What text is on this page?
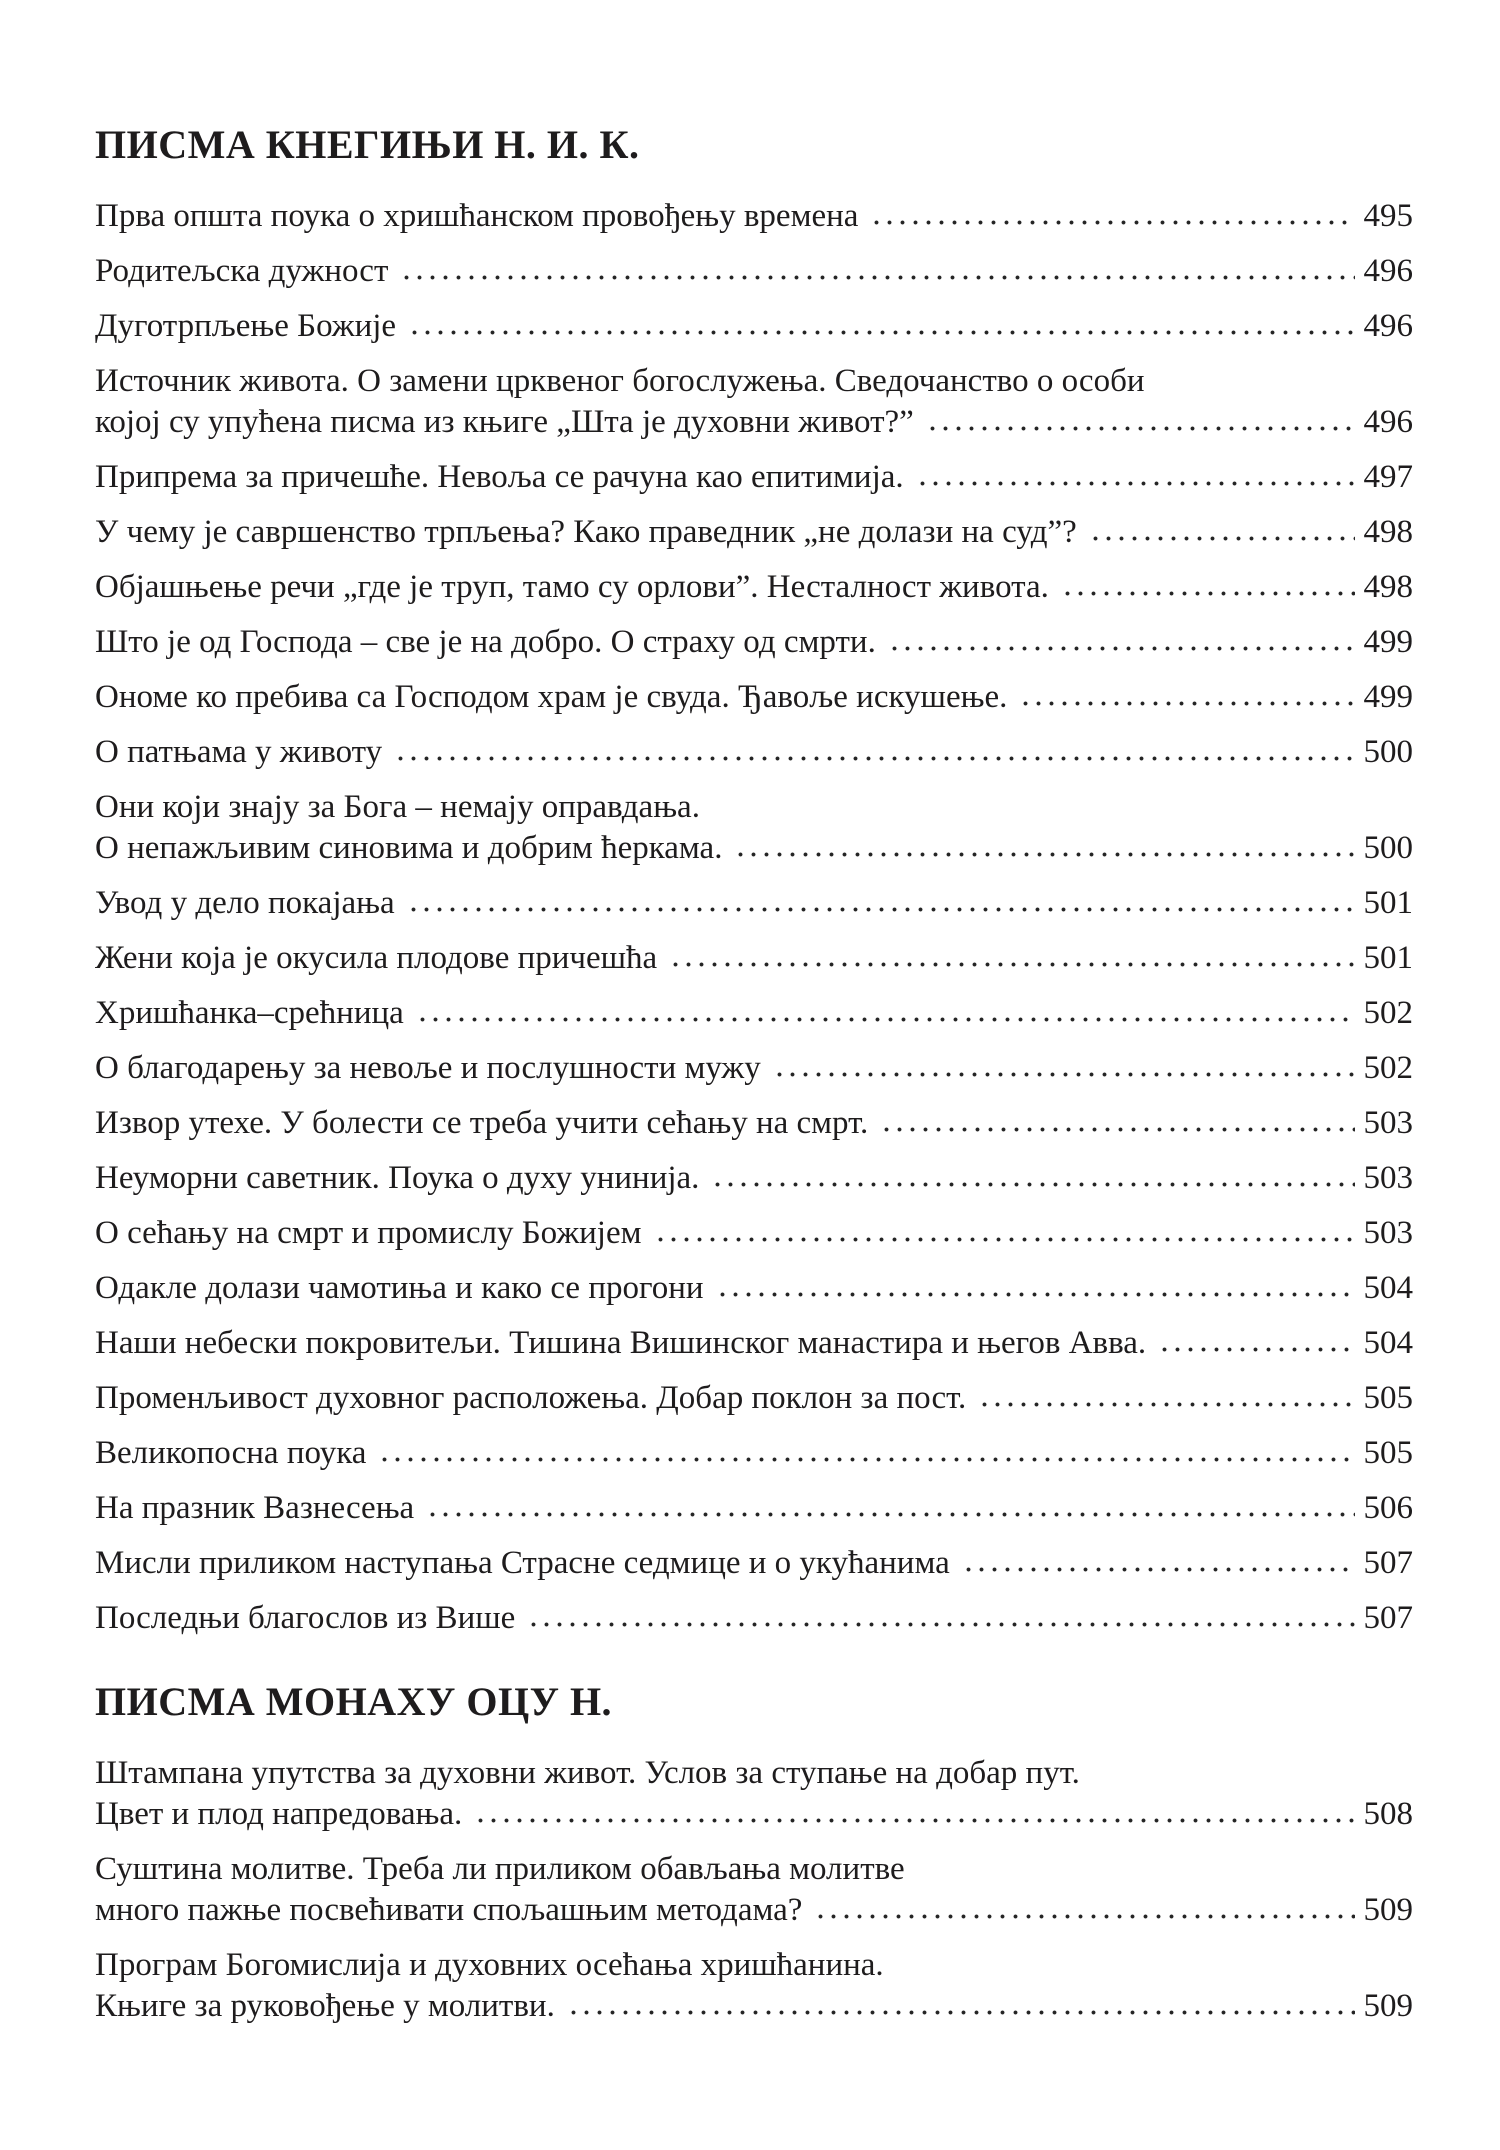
ПИСМА КНЕГИЊИ Н. И. К.
Прва општа поука о хришћанском провођењу времена	495
Родитељска дужност	496
Дуготрпљење Божије	496
Источник живота. О замени црквеног богослужења. Сведочанство о особи
којој су упућена писма из књиге „Шта је духовни живот?”	496
Припрема за причешће. Невоља се рачуна као епитимија.	497
У чему је савршенство трпљења? Како праведник „не долази на суд”?	498
Објашњење речи „где је труп, тамо су орлови”. Несталност живота.	498
Што је од Господа – све је на добро. О страху од смрти.	499
Ономе ко пребива са Господом храм је свуда. Ђавоље искушење.	499
О патњама у животу	500
Они који знају за Бога – немају оправдања.
О непажљивим синовима и добрим ћеркама.	500
Увод у дело покајања	501
Жени која је окусила плодове причешћа	501
Хришћанка–срећница	502
О благодарењу за невоље и послушности мужу	502
Извор утехе. У болести се треба учити сећању на смрт.	503
Неуморни саветник. Поука о духу унинија.	503
О сећању на смрт и промислу Божијем	503
Одакле долази чамотиња и како се прогони	504
Наши небески покровитељи. Тишина Вишинског манастира и његов Авва.	504
Променљивост духовног расположења. Добар поклон за пост.	505
Великопосна поука	505
На празник Вазнесења	506
Мисли приликом наступања Страсне седмице и о укућанима	507
Последњи благослов из Више	507
ПИСМА МОНАХУ ОЦУ Н.
Штампана упутства за духовни живот. Услов за ступање на добар пут.
Цвет и плод напредовања.	508
Суштина молитве. Треба ли приликом обављања молитве
много пажње посвећивати спољашњим методама?	509
Програм Богомислија и духовних осећања хришћанина.
Књиге за руковођење у молитви.	509
